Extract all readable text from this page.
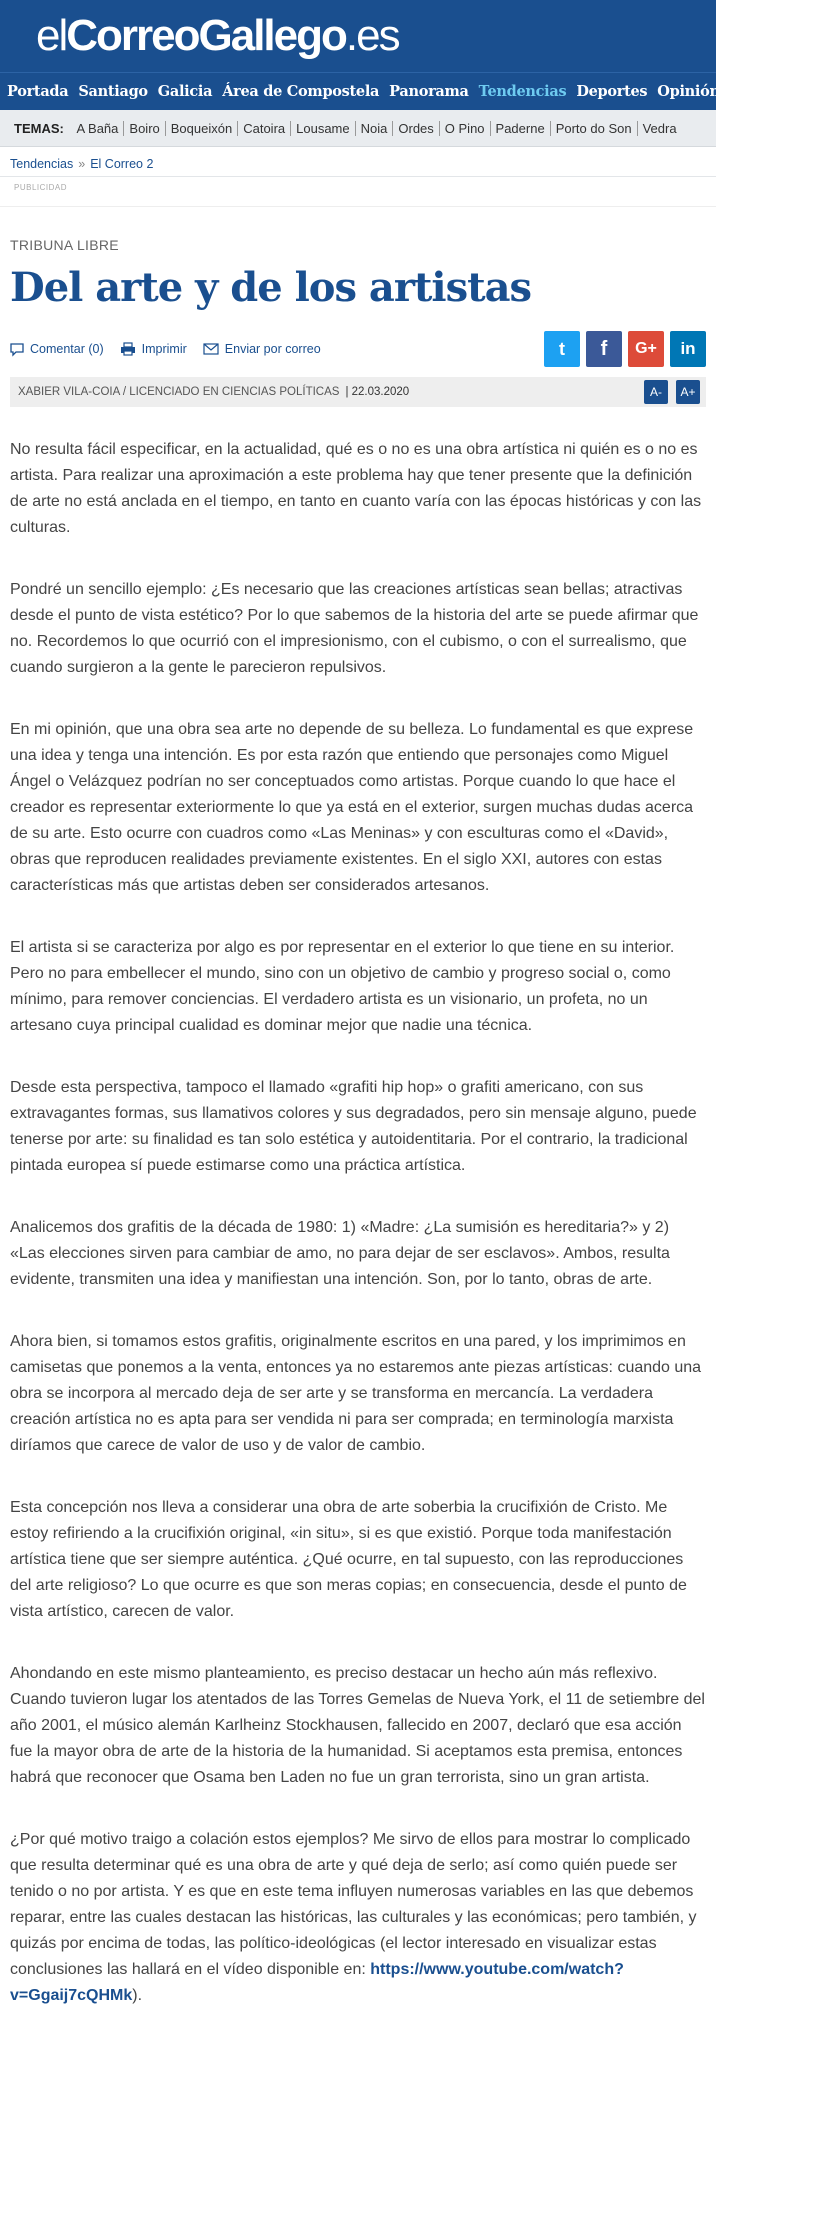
elCorreoGallego.es
Portada Santiago Galicia Área de Compostela Panorama Tendencias Deportes Opinión Especiales
TEMAS: A Baña Boiro Boqueixón Catoira Lousame Noia Ordes O Pino Paderne Porto do Son Vedra
Tendencias » El Correo 2
PUBLICIDAD
TRIBUNA LIBRE
Del arte y de los artistas
Comentar (0)	Imprimir	Enviar por correo	t f G+ in
XABIER VILA-COIA / LICENCIADO EN CIENCIAS POLÍTICAS | 22.03.2020	A-	A+

No resulta fácil especificar, en la actualidad, qué es o no es una obra artística ni quién es o no es artista. Para realizar una aproximación a este problema hay que tener presente que la definición de arte no está anclada en el tiempo, en tanto en cuanto varía con las épocas históricas y con las culturas.

Pondré un sencillo ejemplo: ¿Es necesario que las creaciones artísticas sean bellas; atractivas desde el punto de vista estético? Por lo que sabemos de la historia del arte se puede afirmar que no. Recordemos lo que ocurrió con el impresionismo, con el cubismo, o con el surrealismo, que cuando surgieron a la gente le parecieron repulsivos.

En mi opinión, que una obra sea arte no depende de su belleza. Lo fundamental es que exprese una idea y tenga una intención. Es por esta razón que entiendo que personajes como Miguel Ángel o Velázquez podrían no ser conceptuados como artistas. Porque cuando lo que hace el creador es representar exteriormente lo que ya está en el exterior, surgen muchas dudas acerca de su arte. Esto ocurre con cuadros como «Las Meninas» y con esculturas como el «David», obras que reproducen realidades previamente existentes. En el siglo XXI, autores con estas características más que artistas deben ser considerados artesanos.

El artista si se caracteriza por algo es por representar en el exterior lo que tiene en su interior. Pero no para embellecer el mundo, sino con un objetivo de cambio y progreso social o, como mínimo, para remover conciencias. El verdadero artista es un visionario, un profeta, no un artesano cuya principal cualidad es dominar mejor que nadie una técnica.

Desde esta perspectiva, tampoco el llamado «grafiti hip hop» o grafiti americano, con sus extravagantes formas, sus llamativos colores y sus degradados, pero sin mensaje alguno, puede tenerse por arte: su finalidad es tan solo estética y autoidentitaria. Por el contrario, la tradicional pintada europea sí puede estimarse como una práctica artística.

Analicemos dos grafitis de la década de 1980: 1) «Madre: ¿La sumisión es hereditaria?» y 2) «Las elecciones sirven para cambiar de amo, no para dejar de ser esclavos». Ambos, resulta evidente, transmiten una idea y manifiestan una intención. Son, por lo tanto, obras de arte.

Ahora bien, si tomamos estos grafitis, originalmente escritos en una pared, y los imprimimos en camisetas que ponemos a la venta, entonces ya no estaremos ante piezas artísticas: cuando una obra se incorpora al mercado deja de ser arte y se transforma en mercancía. La verdadera creación artística no es apta para ser vendida ni para ser comprada; en terminología marxista diríamos que carece de valor de uso y de valor de cambio.

Esta concepción nos lleva a considerar una obra de arte soberbia la crucifixión de Cristo. Me estoy refiriendo a la crucifixión original, «in situ», si es que existió. Porque toda manifestación artística tiene que ser siempre auténtica. ¿Qué ocurre, en tal supuesto, con las reproducciones del arte religioso? Lo que ocurre es que son meras copias; en consecuencia, desde el punto de vista artístico, carecen de valor.

Ahondando en este mismo planteamiento, es preciso destacar un hecho aún más reflexivo. Cuando tuvieron lugar los atentados de las Torres Gemelas de Nueva York, el 11 de setiembre del año 2001, el músico alemán Karlheinz Stockhausen, fallecido en 2007, declaró que esa acción fue la mayor obra de arte de la historia de la humanidad. Si aceptamos esta premisa, entonces habrá que reconocer que Osama ben Laden no fue un gran terrorista, sino un gran artista.

¿Por qué motivo traigo a colación estos ejemplos? Me sirvo de ellos para mostrar lo complicado que resulta determinar qué es una obra de arte y qué deja de serlo; así como quién puede ser tenido o no por artista. Y es que en este tema influyen numerosas variables en las que debemos reparar, entre las cuales destacan las históricas, las culturales y las económicas; pero también, y quizás por encima de todas, las político-ideológicas (el lector interesado en visualizar estas conclusiones las hallará en el vídeo disponible en: https://www.youtube.com/watch?v=Ggaij7cQHMk).
